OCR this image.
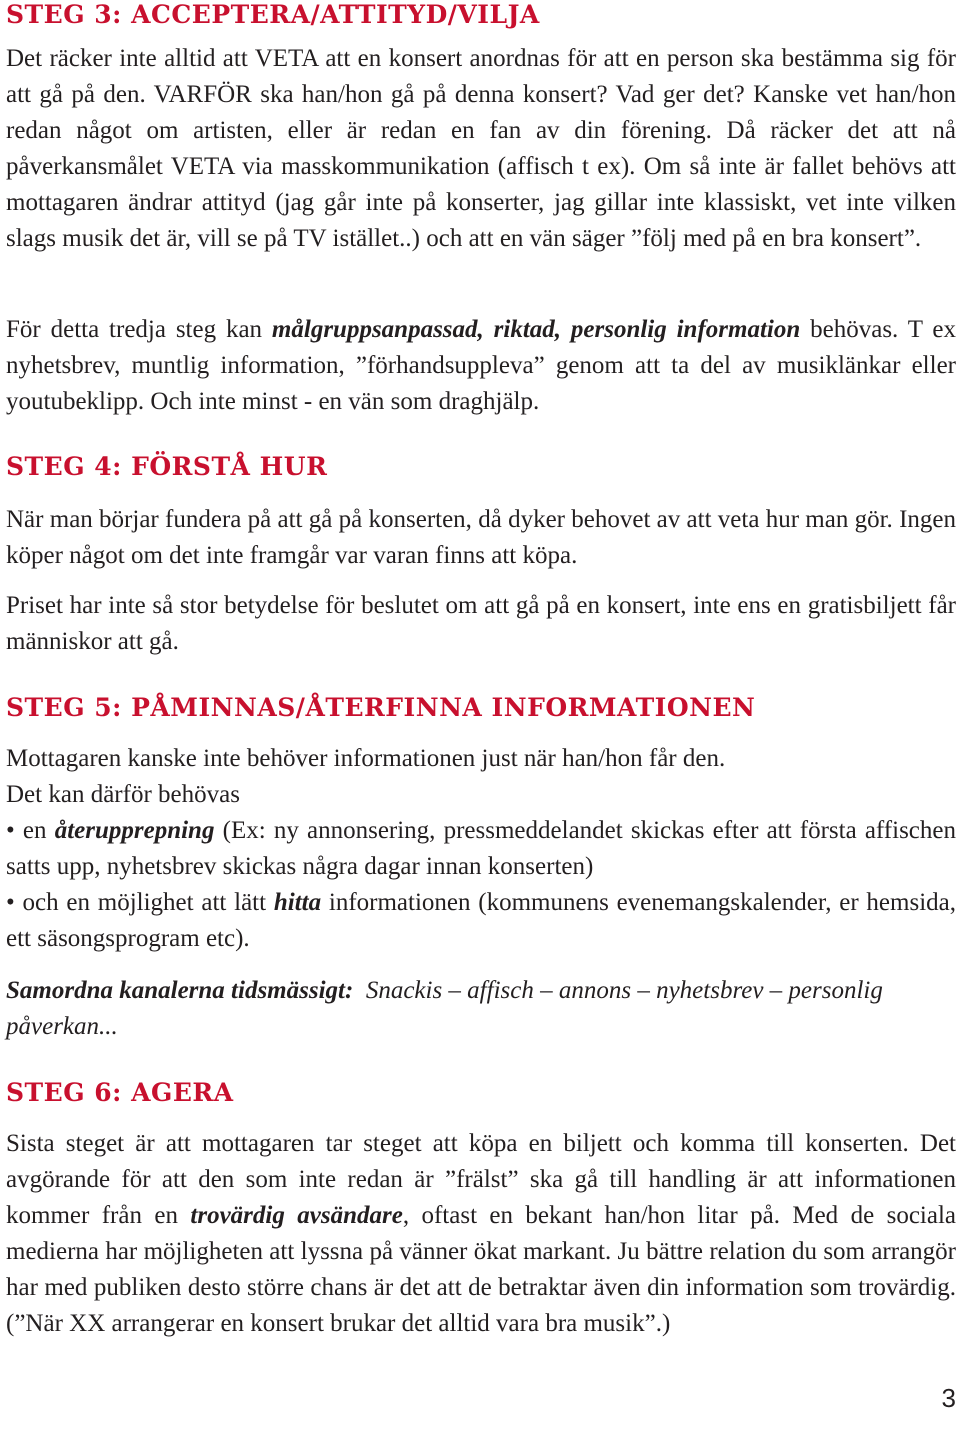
STEG 3: ACCEPTERA/ATTITYD/VILJA

Det räcker inte alltid att VETA att en konsert anordnas för att en person ska bestämma sig för att gå på den. VARFÖR ska han/hon gå på denna konsert? Vad ger det? Kanske vet han/hon redan något om artisten, eller är redan en fan av din förening. Då räcker det att nå påverkansmålet VETA via masskommunikation (affisch t ex). Om så inte är fallet behövs att mottagaren ändrar attityd (jag går inte på konserter, jag gillar inte klassiskt, vet inte vilken slags musik det är, vill se på TV istället..) och att en vän säger ”följ med på en bra konsert”.

För detta tredja steg kan målgruppsanpassad, riktad, personlig information behövas. T ex nyhetsbrev, muntlig information, ”förhandsuppleva” genom att ta del av musiklänkar eller youtubeklipp. Och inte minst - en vän som draghjälp.

STEG 4: FÖRSTÅ HUR

När man börjar fundera på att gå på konserten, då dyker behovet av att veta hur man gör. Ingen köper något om det inte framgår var varan finns att köpa.

Priset har inte så stor betydelse för beslutet om att gå på en konsert, inte ens en gratisbiljett får människor att gå.

STEG 5: PÅMINNAS/ÅTERFINNA INFORMATIONEN

Mottagaren kanske inte behöver informationen just när han/hon får den.
Det kan därför behövas

• en återupprepning (Ex: ny annonsering, pressmeddelandet skickas efter att första affischen satts upp, nyhetsbrev skickas några dagar innan konserten)

• och en möjlighet att lätt hitta informationen (kommunens evenemangskalender, er hemsida, ett säsongsprogram etc).

Samordna kanalerna tidsmässigt: Snackis – affisch – annons – nyhetsbrev – personlig påverkan...

STEG 6: AGERA

Sista steget är att mottagaren tar steget att köpa en biljett och komma till konserten. Det avgörande för att den som inte redan är ”frälst” ska gå till handling är att informationen kommer från en trovärdig avsändare, oftast en bekant han/hon litar på. Med de sociala medierna har möjligheten att lyssna på vänner ökat markant. Ju bättre relation du som arrangör har med publiken desto större chans är det att de betraktar även din information som trovärdig. (”När XX arrangerar en konsert brukar det alltid vara bra musik”.)

3
